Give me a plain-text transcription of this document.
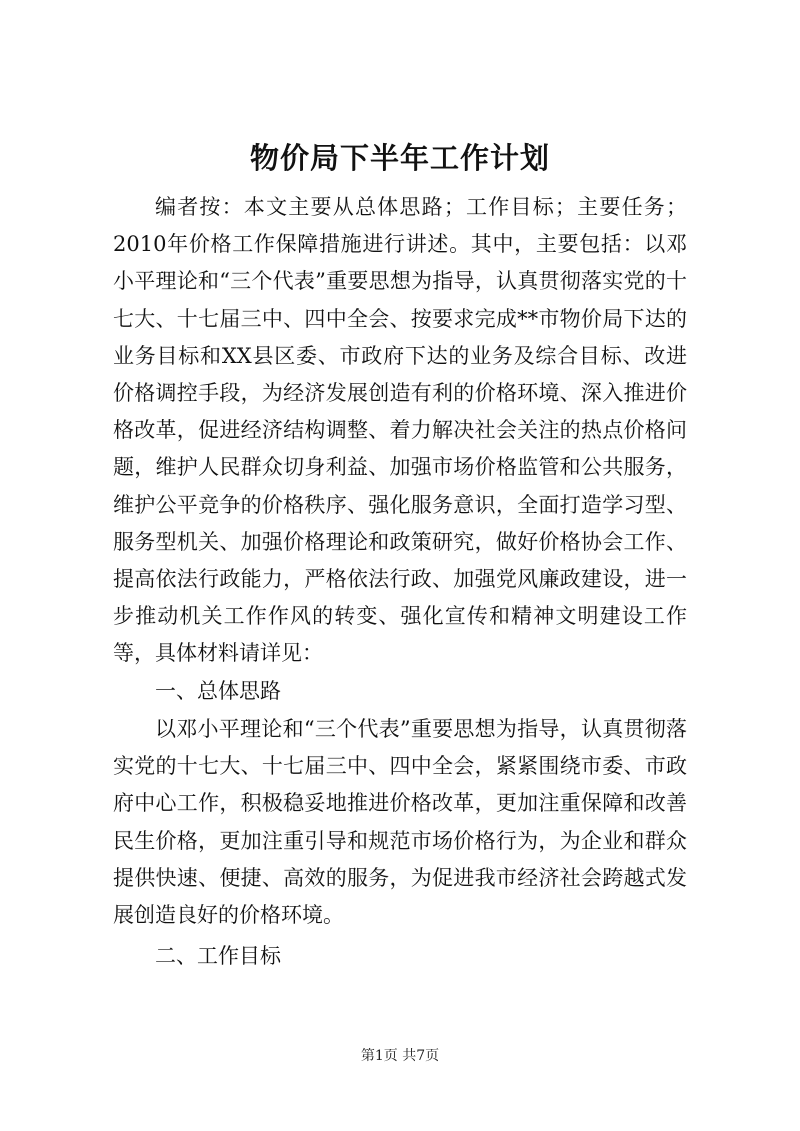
物价局下半年工作计划

编者按：本文主要从总体思路；工作目标；主要任务；2010年价格工作保障措施进行讲述。其中，主要包括：以邓小平理论和“三个代表”重要思想为指导，认真贯彻落实党的十七大、十七届三中、四中全会、按要求完成**市物价局下达的业务目标和XX县区委、市政府下达的业务及综合目标、改进价格调控手段，为经济发展创造有利的价格环境、深入推进价格改革，促进经济结构调整、着力解决社会关注的热点价格问题，维护人民群众切身利益、加强市场价格监管和公共服务，维护公平竞争的价格秩序、强化服务意识，全面打造学习型、服务型机关、加强价格理论和政策研究，做好价格协会工作、提高依法行政能力，严格依法行政、加强党风廉政建设，进一步推动机关工作作风的转变、强化宣传和精神文明建设工作等，具体材料请详见：

一、总体思路

以邓小平理论和“三个代表”重要思想为指导，认真贯彻落实党的十七大、十七届三中、四中全会，紧紧围绕市委、市政府中心工作，积极稳妥地推进价格改革，更加注重保障和改善民生价格，更加注重引导和规范市场价格行为，为企业和群众提供快速、便捷、高效的服务，为促进我市经济社会跨越式发展创造良好的价格环境。

二、工作目标

第1页 共7页
